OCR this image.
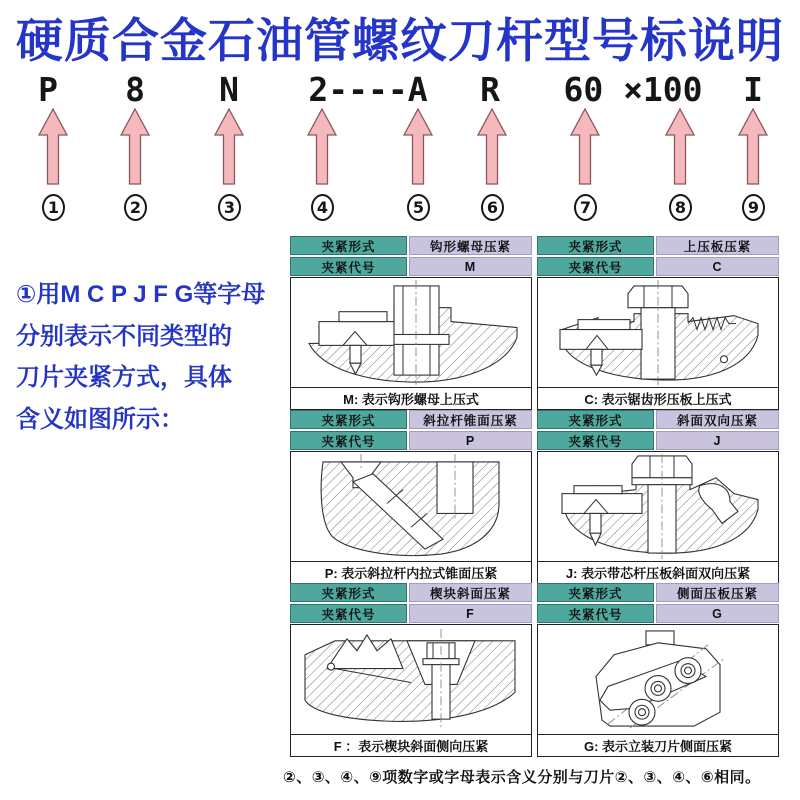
硬质合金石油管螺纹刀杆型号标说明
P 8 N 2----A R 60 ×100 I
1	2	3	4	5	6	7	8	9
①用M C P J F G等字母
分别表示不同类型的
刀片夹紧方式，具体
含义如图所示：
夹紧形式	钩形螺母压紧
夹紧代号	M
M: 表示钩形螺母上压式
夹紧形式	上压板压紧
夹紧代号	C
C: 表示锯齿形压板上压式
夹紧形式	斜拉杆锥面压紧
夹紧代号	P
P: 表示斜拉杆内拉式锥面压紧
夹紧形式	斜面双向压紧
夹紧代号	J
J: 表示带芯杆压板斜面双向压紧
夹紧形式	楔块斜面压紧
夹紧代号	F
F ：表示楔块斜面侧向压紧
夹紧形式	侧面压板压紧
夹紧代号	G
G: 表示立装刀片侧面压紧
②、③、④、⑨项数字或字母表示含义分别与刀片②、③、④、⑥相同。
